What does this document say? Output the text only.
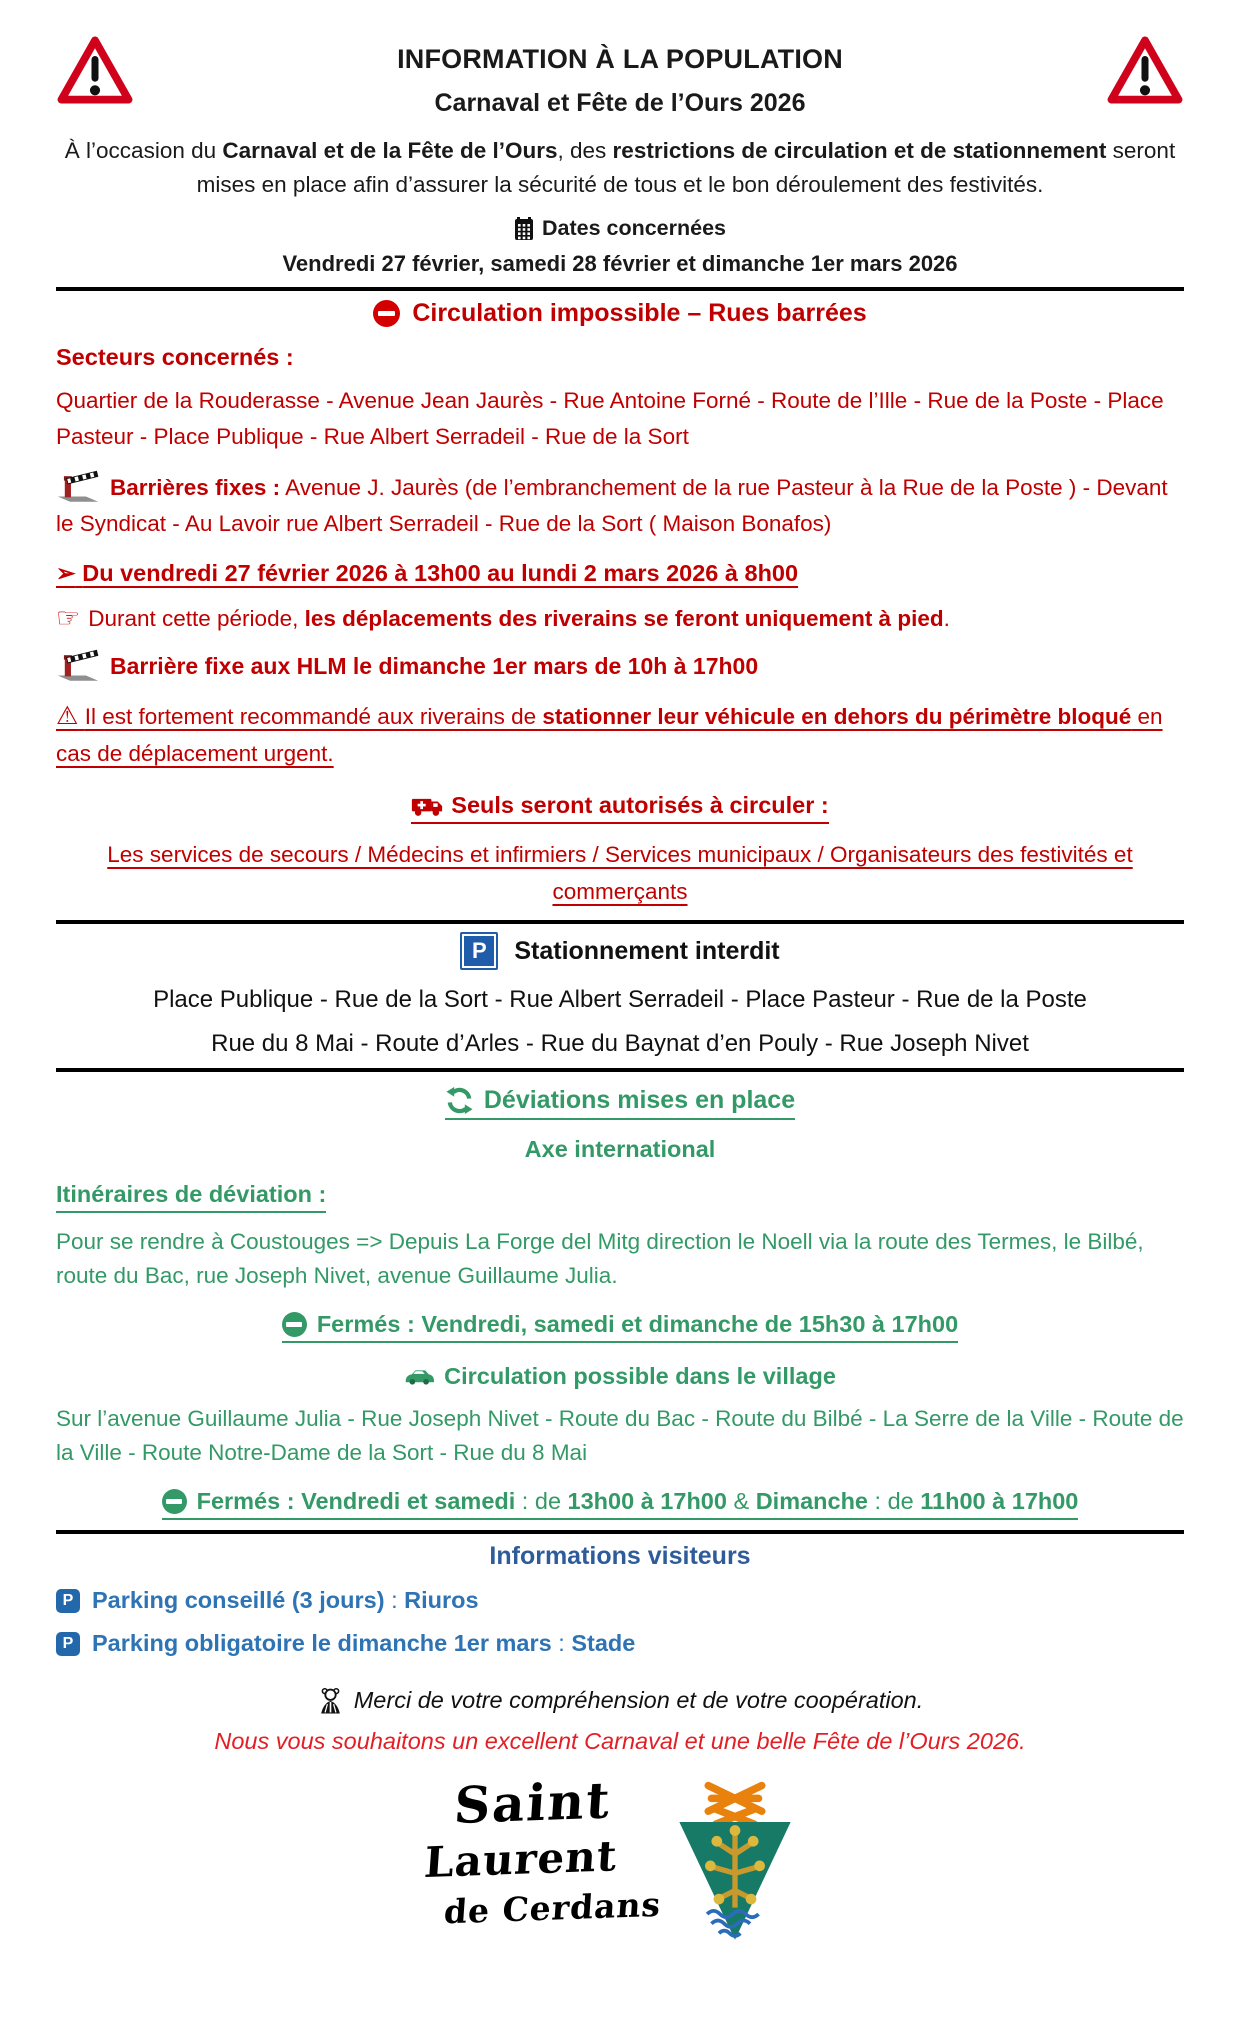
INFORMATION À LA POPULATION
Carnaval et Fête de l’Ours 2026

À l’occasion du Carnaval et de la Fête de l’Ours, des restrictions de circulation et de stationnement seront mises en place afin d’assurer la sécurité de tous et le bon déroulement des festivités.

Dates concernées

Vendredi 27 février, samedi 28 février et dimanche 1er mars 2026

Circulation impossible – Rues barrées

Secteurs concernés :

Quartier de la Rouderasse - Avenue Jean Jaurès - Rue Antoine Forné - Route de l’Ille - Rue de la Poste - Place Pasteur - Place Publique - Rue Albert Serradeil - Rue de la Sort

Barrières fixes : Avenue J. Jaurès (de l’embranchement de la rue Pasteur à la Rue de la Poste ) - Devant le Syndicat - Au Lavoir rue Albert Serradeil - Rue de la Sort ( Maison Bonafos)

➢ Du vendredi 27 février 2026 à 13h00 au lundi 2 mars 2026 à 8h00

☞ Durant cette période, les déplacements des riverains se feront uniquement à pied.

Barrière fixe aux HLM le dimanche 1er mars de 10h à 17h00

⚠ Il est fortement recommandé aux riverains de stationner leur véhicule en dehors du périmètre bloqué en cas de déplacement urgent.

Seuls seront autorisés à circuler :

Les services de secours / Médecins et infirmiers / Services municipaux / Organisateurs des festivités et commerçants

P	Stationnement interdit

Place Publique - Rue de la Sort - Rue Albert Serradeil - Place Pasteur - Rue de la Poste

Rue du 8 Mai - Route d’Arles - Rue du Baynat d’en Pouly - Rue Joseph Nivet

Déviations mises en place

Axe international

Itinéraires de déviation :

Pour se rendre à Coustouges => Depuis La Forge del Mitg direction le Noell via la route des Termes, le Bilbé, route du Bac, rue Joseph Nivet, avenue Guillaume Julia.

Fermés : Vendredi, samedi et dimanche de 15h30 à 17h00
Circulation possible dans le village

Sur l’avenue Guillaume Julia - Rue Joseph Nivet - Route du Bac - Route du Bilbé - La Serre de la Ville - Route de la Ville - Route Notre-Dame de la Sort - Rue du 8 Mai

Fermés : Vendredi et samedi : de 13h00 à 17h00 & Dimanche : de 11h00 à 17h00
Informations visiteurs
P Parking conseillé (3 jours) : Riuros
P Parking obligatoire le dimanche 1er mars : Stade
Merci de votre compréhension et de votre coopération.

Nous vous souhaitons un excellent Carnaval et une belle Fête de l’Ours 2026.

Saint
Laurent
de Cerdans
